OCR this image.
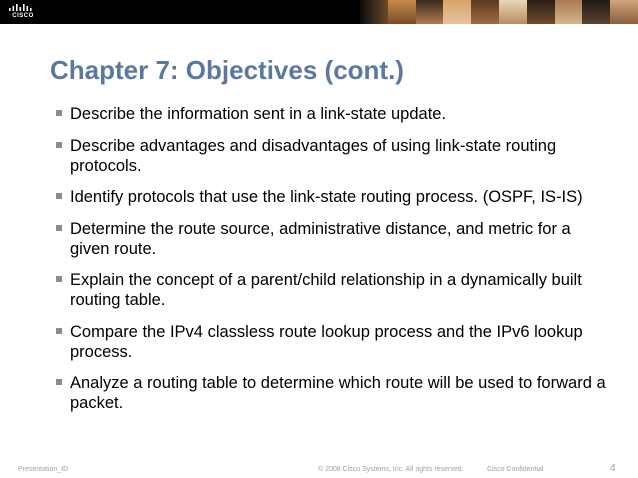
CISCO
Chapter 7: Objectives (cont.)
Describe the information sent in a link-state update.
Describe advantages and disadvantages of using link-state routing protocols.
Identify protocols that use the link-state routing process. (OSPF, IS-IS)
Determine the route source, administrative distance, and metric for a given route.
Explain the concept of a parent/child relationship in a dynamically built routing table.
Compare the IPv4 classless route lookup process and the IPv6 lookup process.
Analyze a routing table to determine which route will be used to forward a packet.
Presentation_ID	© 2008 Cisco Systems, Inc. All rights reserved.	Cisco Confidential	4
